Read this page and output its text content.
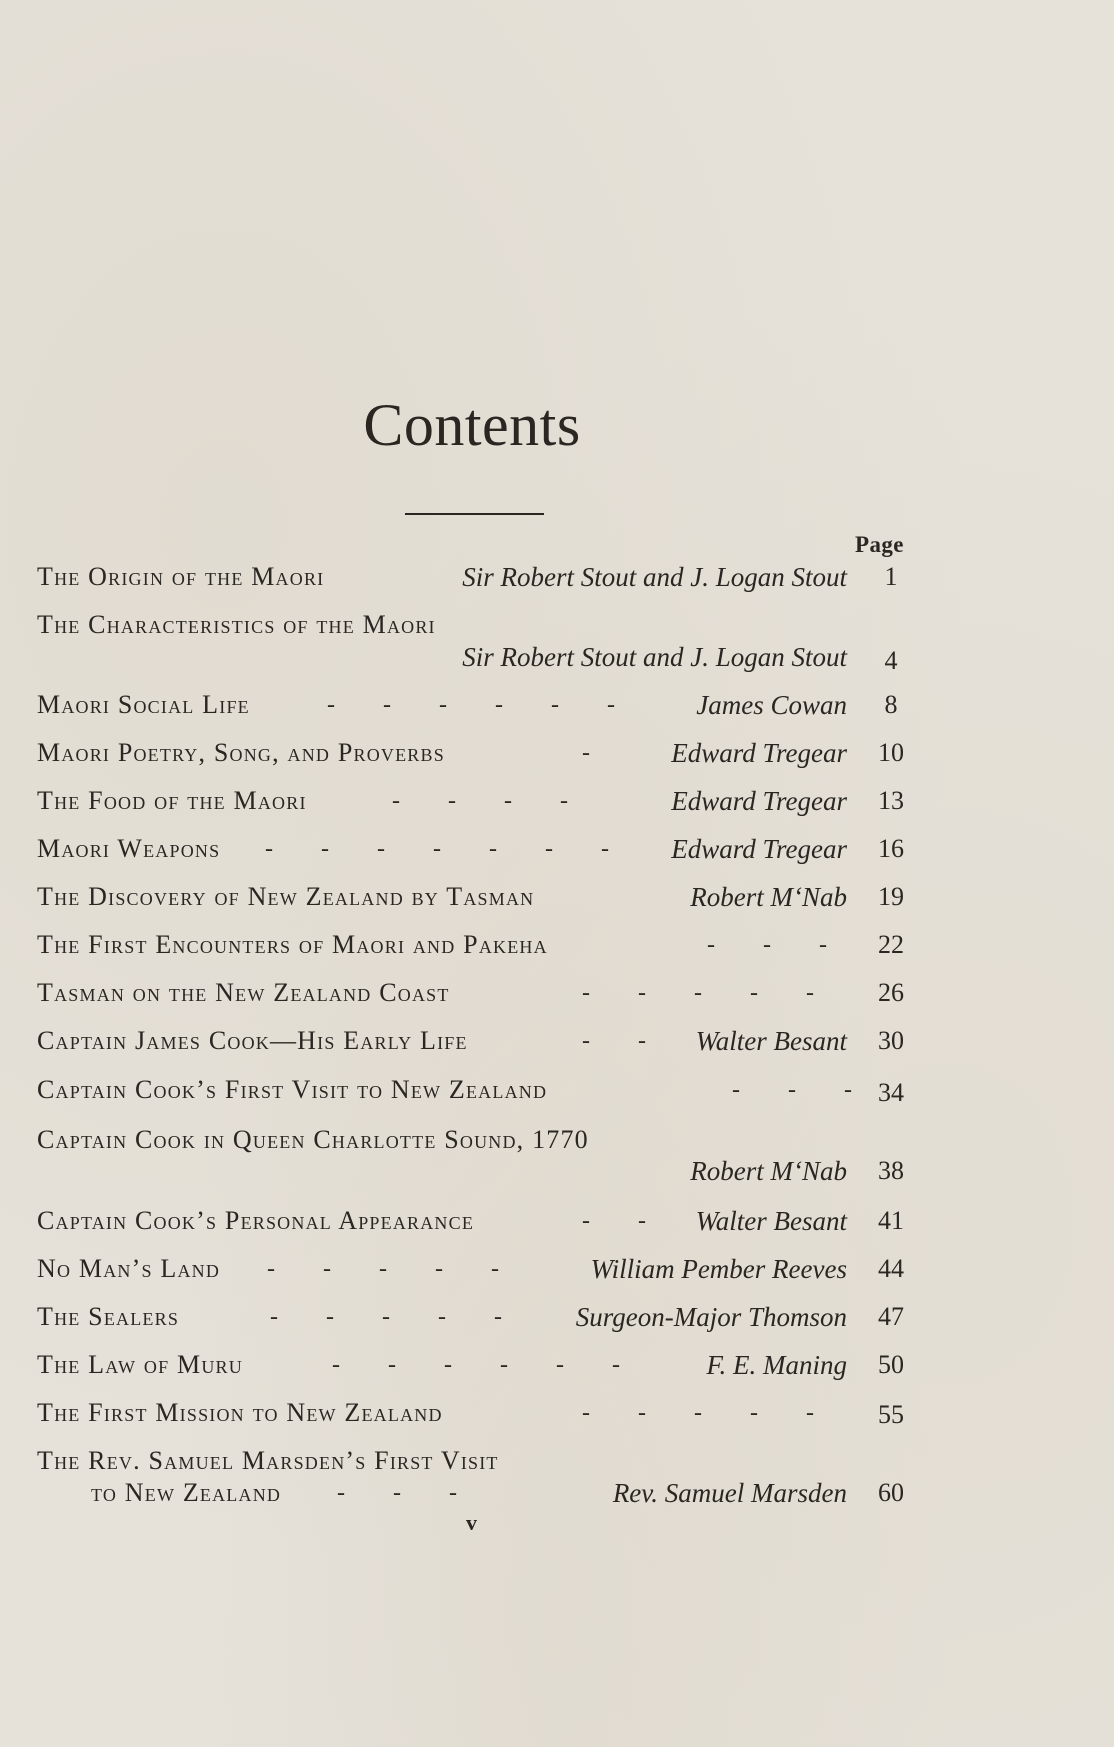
Contents
Page
The Origin of the Maori	Sir Robert Stout and J. Logan Stout	1
The Characteristics of the Maori
Sir Robert Stout and J. Logan Stout	4
Maori Social Life	-        -        -        -        -        -	James Cowan	8
Maori Poetry, Song, and Proverbs	-	Edward Tregear	10
The Food of the Maori	-        -        -        -	Edward Tregear	13
Maori Weapons -        -        -        -        -        -        - Edward Tregear	16
The Discovery of New Zealand by Tasman	Robert M‘Nab	19
The First Encounters of Maori and Pakeha	-        -        -	22
Tasman on the New Zealand Coast	-        -        -        -        -	26
Captain James Cook—His Early Life	-        - Walter Besant	30
Captain Cook’s First Visit to New Zealand	-        -        -	34
Captain Cook in Queen Charlotte Sound, 1770
Robert M‘Nab	38
Captain Cook’s Personal Appearance	-        - Walter Besant	41
No Man’s Land -        -        -        -        -	William Pember Reeves	44
The Sealers	-        -        -        -        -	Surgeon-Major Thomson	47
The Law of Muru	-        -        -        -        -        -	F. E. Maning	50
The First Mission to New Zealand	-        -        -        -        -	55
The Rev. Samuel Marsden’s First Visit
to New Zealand -        -        -	Rev. Samuel Marsden	60
v
